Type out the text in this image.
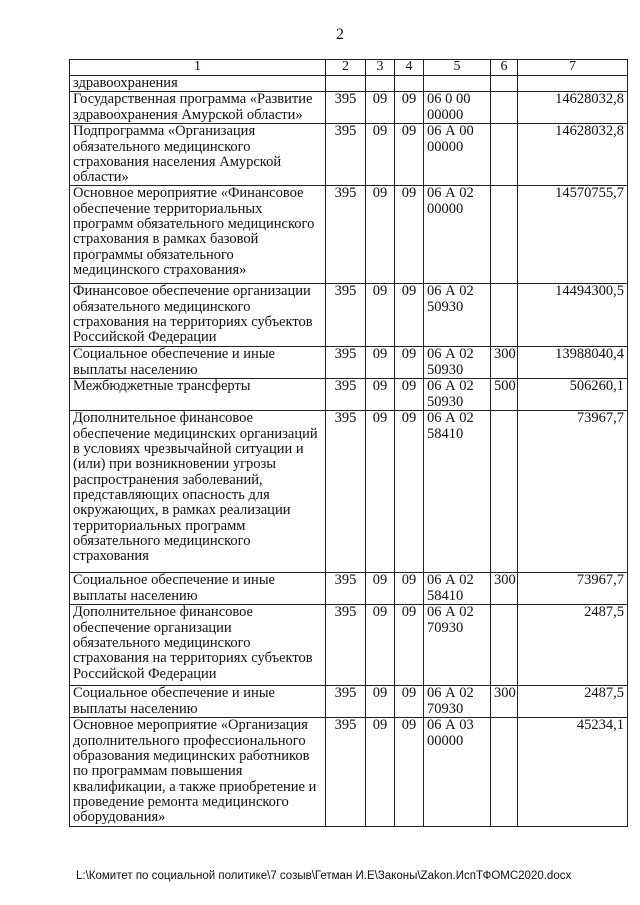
2
1	2	3	4	5	6	7
здравоохранения						
Государственная программа «Развитие здравоохранения Амурской области»	395	09	09	06 0 00 00000		14628032,8
Подпрограмма «Организация обязательного медицинского страхования населения Амурской области»	395	09	09	06 А 00 00000		14628032,8
Основное мероприятие «Финансовое обеспечение территориальных программ обязательного медицинского страхования в рамках базовой программы обязательного медицинского страхования»	395	09	09	06 А 02 00000		14570755,7
Финансовое обеспечение организации обязательного медицинского страхования на территориях субъектов Российской Федерации	395	09	09	06 А 02 50930		14494300,5
Социальное обеспечение и иные выплаты населению	395	09	09	06 А 02 50930	300	13988040,4
Межбюджетные трансферты	395	09	09	06 А 02 50930	500	506260,1
Дополнительное финансовое обеспечение медицинских организаций в условиях чрезвычайной ситуации и (или) при возникновении угрозы распространения заболеваний, представляющих опасность для окружающих, в рамках реализации территориальных программ обязательного медицинского страхования	395	09	09	06 А 02 58410		73967,7
Социальное обеспечение и иные выплаты населению	395	09	09	06 А 02 58410	300	73967,7
Дополнительное финансовое обеспечение организации обязательного медицинского страхования на территориях субъектов Российской Федерации	395	09	09	06 А 02 70930		2487,5
Социальное обеспечение и иные выплаты населению	395	09	09	06 А 02 70930	300	2487,5
Основное мероприятие «Организация дополнительного профессионального образования медицинских работников по программам повышения квалификации, а также приобретение и проведение ремонта медицинского оборудования»	395	09	09	06 А 03 00000		45234,1
L:\Комитет по социальной политике\7 созыв\Гетман И.Е\Законы\Zakon.ИспТФОМС2020.docx
